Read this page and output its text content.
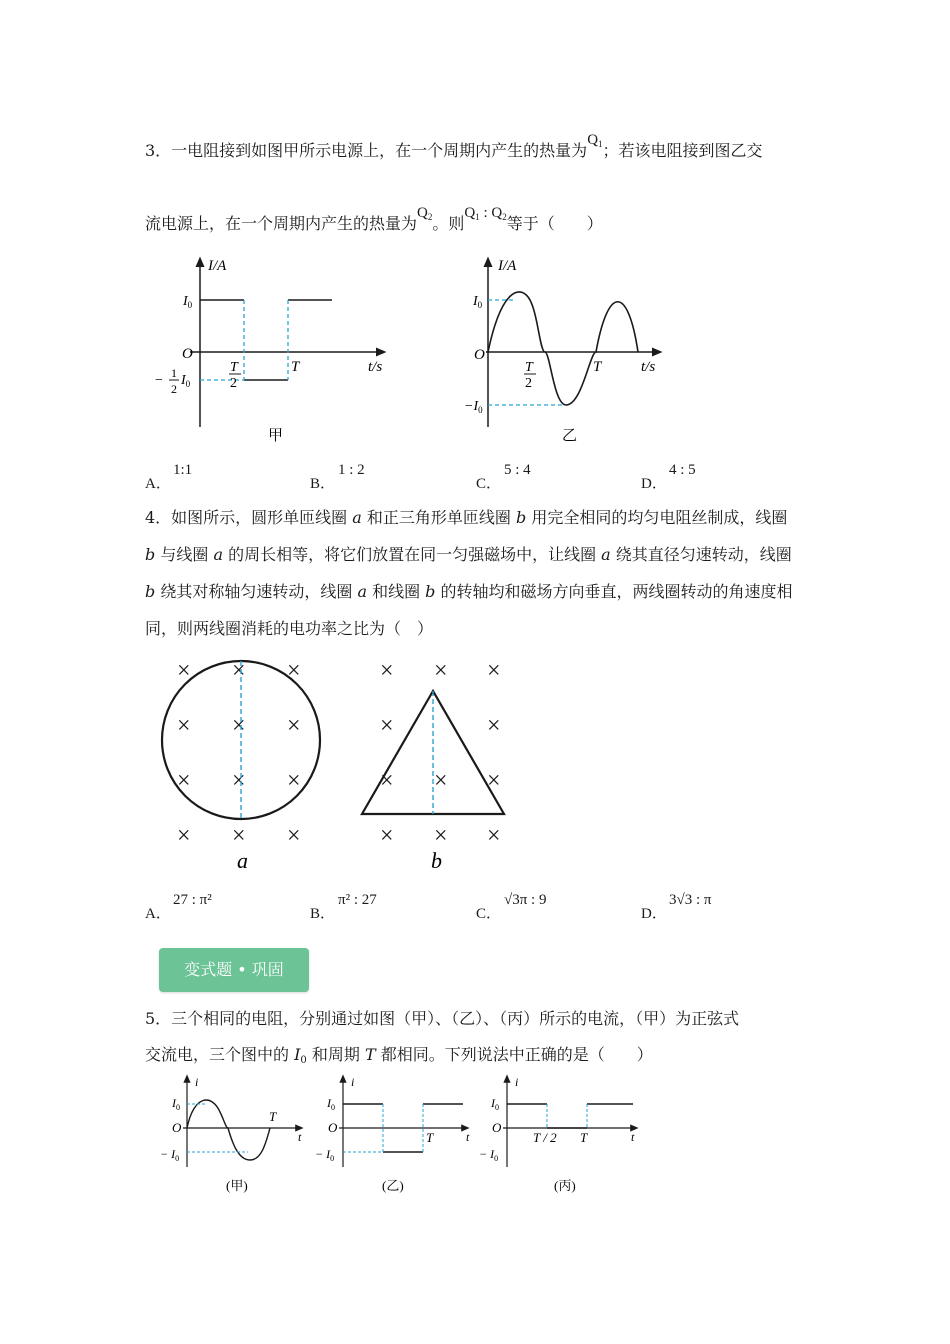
3．一电阻接到如图甲所示电源上，在一个周期内产生的热量为$Q_1$；若该电阻接到图乙交
流电源上，在一个周期内产生的热量为$Q_2$。则$Q_1$ : $Q_2$等于（　　）
I/A
$I_0$
O
T
2
T	t/s
− 1
2
$I_0$
甲
I/A
$I_0$
O
T
2
T	t/s
$-I_0$
乙
A．
1:1
B．
1 : 2
C．
5 : 4
D．
4 : 5
4．如图所示，圆形单匝线圈 a 和正三角形单匝线圈 b 用完全相同的均匀电阻丝制成，线圈
b 与线圈 a 的周长相等，将它们放置在同一匀强磁场中，让线圈 a 绕其直径匀速转动，线圈
b 绕其对称轴匀速转动，线圈 a 和线圈 b 的转轴均和磁场方向垂直，两线圈转动的角速度相
同，则两线圈消耗的电功率之比为（　）
× × ×
× × ×
× × ×
× × ×
a
× × ×
×	×
× × ×
× × ×
b
A．
27 : π²
B．
π² : 27
C．
√3π : 9
D．
3√3 : π
变式题 • 巩固
5．三个相同的电阻，分别通过如图（甲）、（乙）、（丙）所示的电流，（甲）为正弦式
交流电，三个图中的 I0 和周期 T 都相同。下列说法中正确的是（　　）
i
$I_0$
O
− $I_0$
T
t
(甲)
i
$I_0$
O
− $I_0$
T	t
(乙)
i
$I_0$
O
− $I_0$
T / 2 T	t
(丙)
